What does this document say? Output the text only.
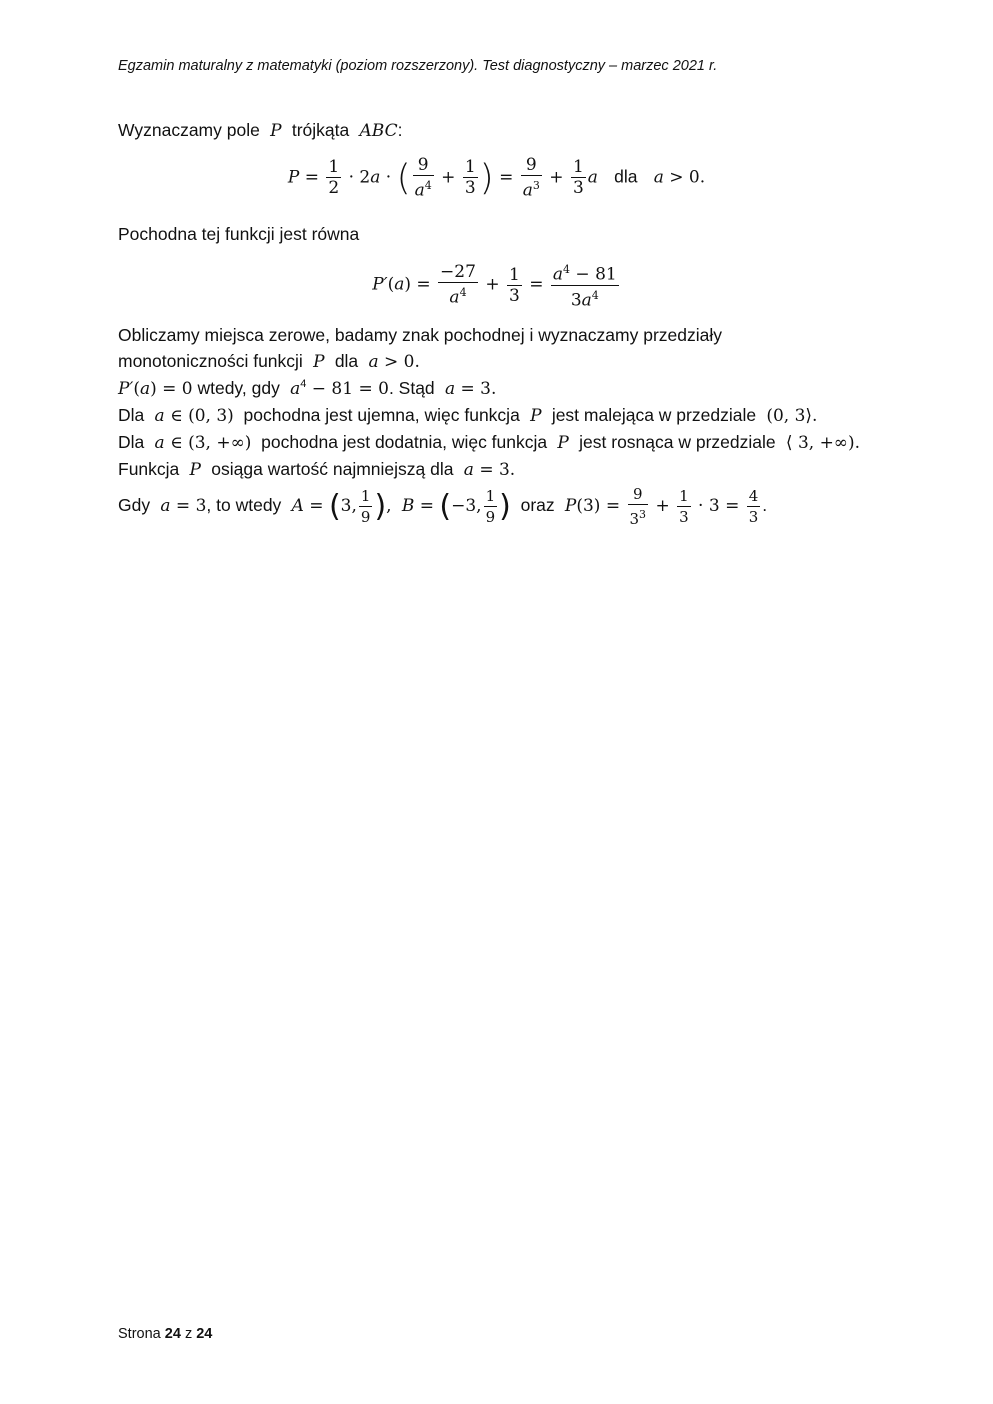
Egzamin maturalny z matematyki (poziom rozszerzony). Test diagnostyczny – marzec 2021 r.
Wyznaczamy pole  P  trójkąta  ABC:
$P = \frac{1}{2} \cdot 2a$ · ( $\frac{9}{a^4} + \frac{1}{3}$ ) = $\frac{9}{a^3} + \frac{1}{3}$ a dla a > 0.
Pochodna tej funkcji jest równa
$P'(a) = \frac{-27}{a^4} + \frac{1}{3} = \frac{a^4 - 81}{3a^4}$
Obliczamy miejsca zerowe, badamy znak pochodnej i wyznaczamy przedziały
monotoniczności funkcji  P  dla  a > 0.
P′(a) = 0 wtedy, gdy  $a^4 - 81 = 0$. Stąd  a = 3.
Dla  a ∈ (0, 3) pochodna jest ujemna, więc funkcja  P  jest malejąca w przedziale  (0, 3⟩.
Dla  a ∈ (3, +∞) pochodna jest dodatnia, więc funkcja  P  jest rosnąca w przedziale  ⟨ 3, +∞).
Funkcja  P  osiąga wartość najmniejszą dla  a = 3.
Gdy  a = 3, to wtedy  A = (3, $\frac{1}{9}$ ),  B = (−3, $\frac{1}{9}$ ) oraz  $P(3) = \frac{9}{3^3} + \frac{1}{3} \cdot 3 = \frac{4}{3}$ .
Strona 24 z 24
